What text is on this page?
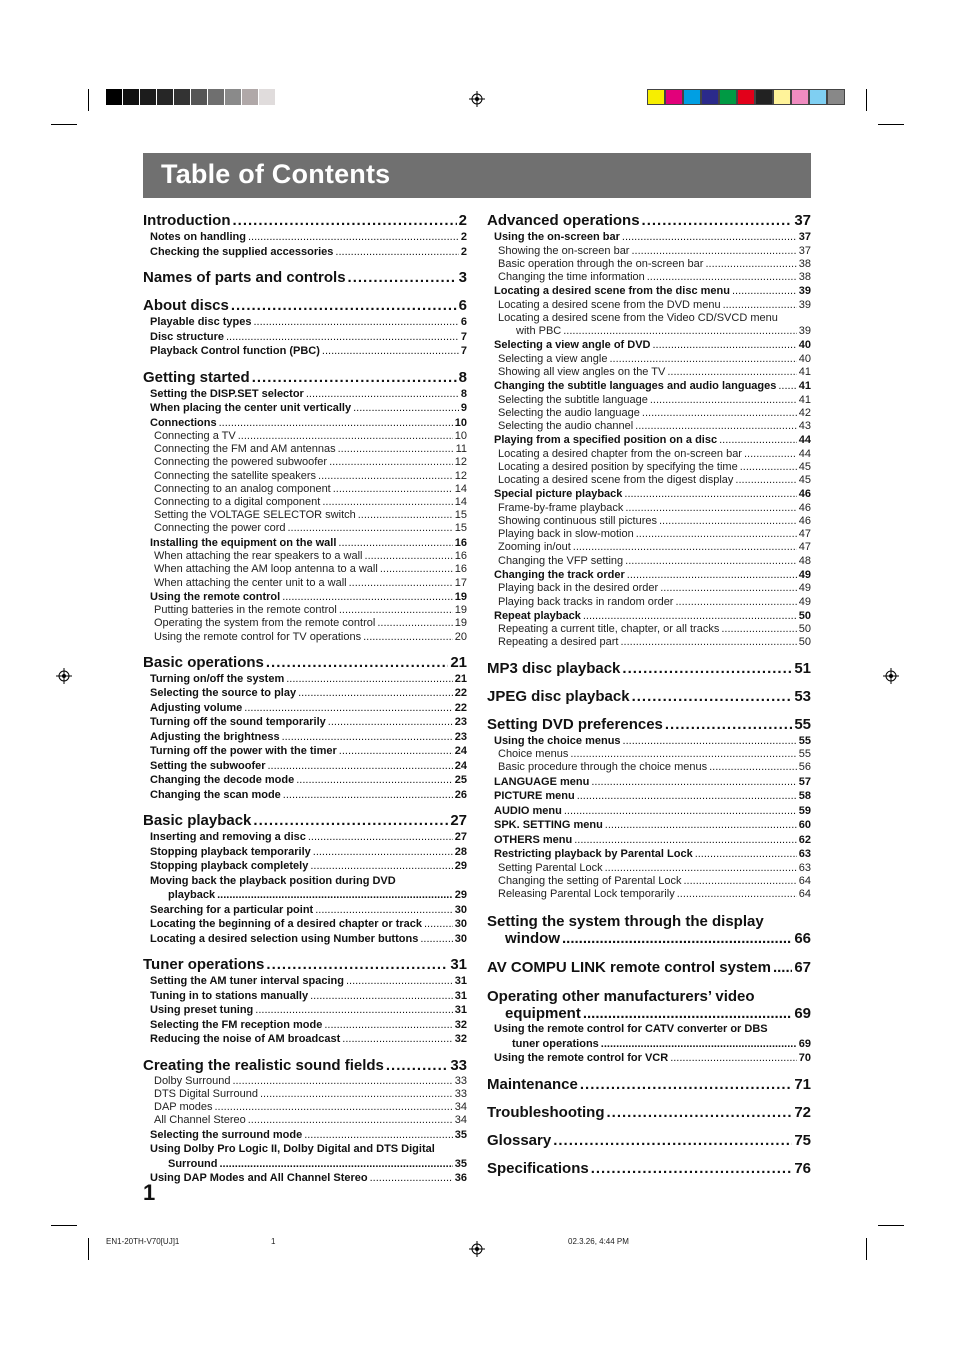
Table of Contents
Introduction .....	2
Notes on handling .....	2
Checking the supplied accessories .....	2
Names of parts and controls .....	3
About discs .....	6
Playable disc types .....	6
Disc structure .....	7
Playback Control function (PBC) .....	7
Getting started .....	8
Setting the DISP.SET selector .....	8
When placing the center unit vertically .....	9
Connections .....	10
Connecting a TV .....	10
Connecting the FM and AM antennas .....	11
Connecting the powered subwoofer .....	12
Connecting the satellite speakers .....	12
Connecting to an analog component .....	14
Connecting to a digital component .....	14
Setting the VOLTAGE SELECTOR switch .....	15
Connecting the power cord .....	15
Installing the equipment on the wall .....	16
When attaching the rear speakers to a wall .....	16
When attaching the AM loop antenna to a wall .....	16
When attaching the center unit to a wall .....	17
Using the remote control .....	19
Putting batteries in the remote control .....	19
Operating the system from the remote control .....	19
Using the remote control for TV operations .....	20
Basic operations .....	21
Turning on/off the system .....	21
Selecting the source to play .....	22
Adjusting volume .....	22
Turning off the sound temporarily .....	23
Adjusting the brightness .....	23
Turning off the power with the timer .....	24
Setting the subwoofer .....	24
Changing the decode mode .....	25
Changing the scan mode .....	26
Basic playback .....	27
Inserting and removing a disc .....	27
Stopping playback temporarily .....	28
Stopping playback completely .....	29
Moving back the playback position during DVD
playback .....	29
Searching for a particular point .....	30
Locating the beginning of a desired chapter or track .....	30
Locating a desired selection using Number buttons .....	30
Tuner operations .....	31
Setting the AM tuner interval spacing .....	31
Tuning in to stations manually .....	31
Using preset tuning .....	31
Selecting the FM reception mode .....	32
Reducing the noise of AM broadcast .....	32
Creating the realistic sound fields .....	33
Dolby Surround .....	33
DTS Digital Surround .....	33
DAP modes .....	34
All Channel Stereo .....	34
Selecting the surround mode .....	35
Using Dolby Pro Logic II, Dolby Digital and DTS Digital
Surround .....	35
Using DAP Modes and All Channel Stereo .....	36
Advanced operations .....	37
Using the on-screen bar .....	37
Showing the on-screen bar .....	37
Basic operation through the on-screen bar .....	38
Changing the time information .....	38
Locating a desired scene from the disc menu .....	39
Locating a desired scene from the DVD menu .....	39
Locating a desired scene from the Video CD/SVCD menu
with PBC .....	39
Selecting a view angle of DVD .....	40
Selecting a view angle .....	40
Showing all view angles on the TV .....	41
Changing the subtitle languages and audio languages ..... 41
Selecting the subtitle language .....	41
Selecting the audio language .....	42
Selecting the audio channel .....	43
Playing from a specified position on a disc .....	44
Locating a desired chapter from the on-screen bar .....	44
Locating a desired position by specifying the time .....	45
Locating a desired scene from the digest display .....	45
Special picture playback .....	46
Frame-by-frame playback .....	46
Showing continuous still pictures .....	46
Playing back in slow-motion .....	47
Zooming in/out .....	47
Changing the VFP setting .....	48
Changing the track order .....	49
Playing back in the desired order .....	49
Playing back tracks in random order .....	49
Repeat playback .....	50
Repeating a current title, chapter, or all tracks .....	50
Repeating a desired part .....	50
MP3 disc playback .....	51
JPEG disc playback .....	53
Setting DVD preferences .....	55
Using the choice menus .....	55
Choice menus .....	55
Basic procedure through the choice menus .....	56
LANGUAGE menu .....	57
PICTURE menu .....	58
AUDIO menu .....	59
SPK. SETTING menu .....	60
OTHERS menu .....	62
Restricting playback by Parental Lock .....	63
Setting Parental Lock .....	63
Changing the setting of Parental Lock .....	64
Releasing Parental Lock temporarily .....	64
Setting the system through the display
window .....	66
AV COMPU LINK remote control system ..... 67
Operating other manufacturers’ video
equipment .....	69
Using the remote control for CATV converter or DBS
tuner operations .....	69
Using the remote control for VCR .....	70
Maintenance .....	71
Troubleshooting .....	72
Glossary .....	75
Specifications .....	76
1
EN1-20TH-V70[UJ]1	1	02.3.26, 4:44 PM
